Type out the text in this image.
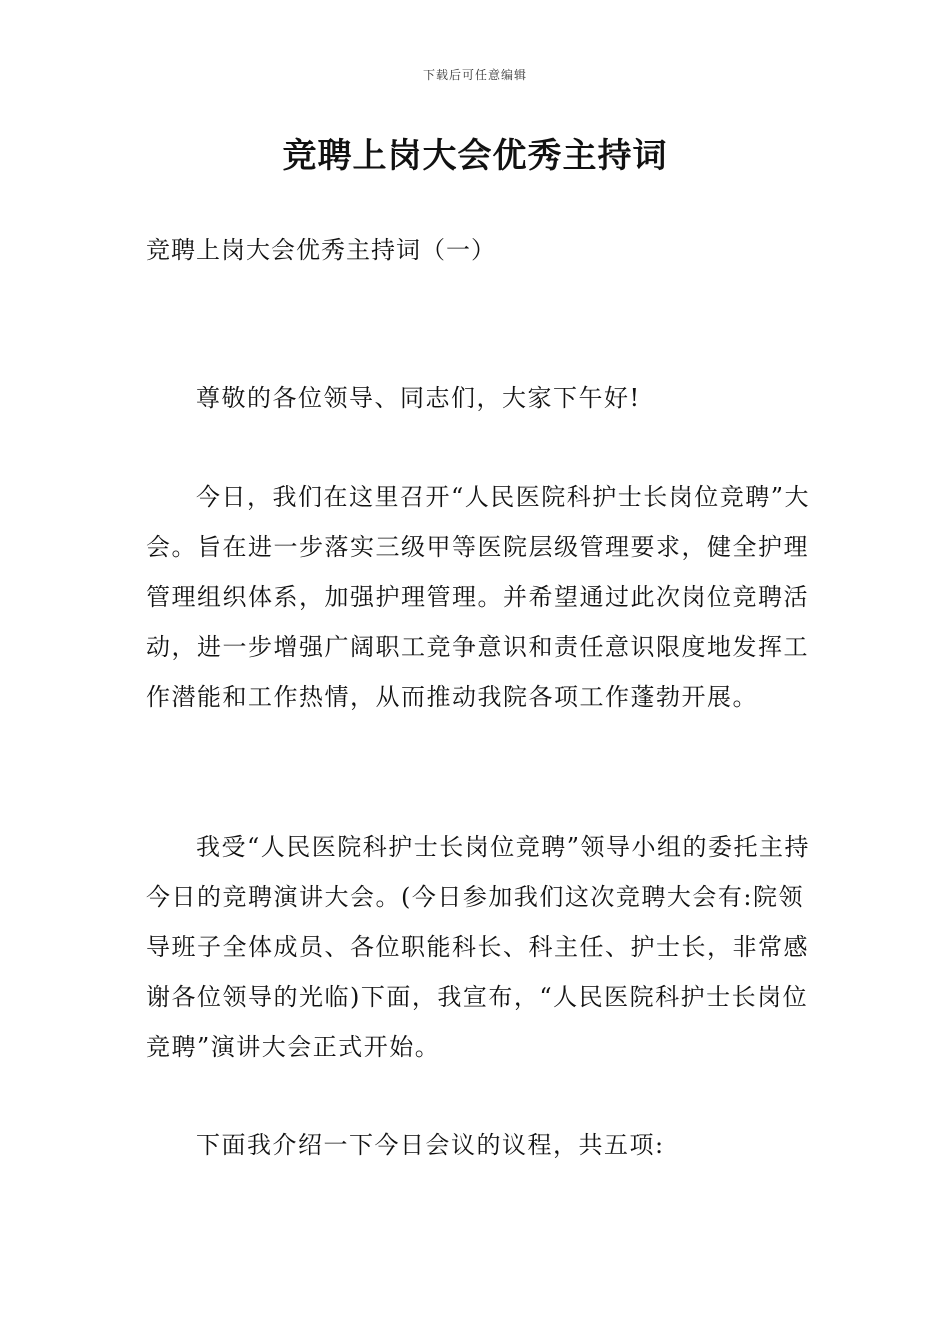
下载后可任意编辑
竞聘上岗大会优秀主持词

竞聘上岗大会优秀主持词（一）

尊敬的各位领导、同志们，大家下午好!

今日，我们在这里召开“人民医院科护士长岗位竞聘”大会。旨在进一步落实三级甲等医院层级管理要求，健全护理管理组织体系，加强护理管理。并希望通过此次岗位竞聘活动，进一步增强广阔职工竞争意识和责任意识限度地发挥工作潜能和工作热情，从而推动我院各项工作蓬勃开展。

我受“人民医院科护士长岗位竞聘”领导小组的委托主持今日的竞聘演讲大会。(今日参加我们这次竞聘大会有:院领导班子全体成员、各位职能科长、科主任、护士长，非常感谢各位领导的光临)下面，我宣布，“人民医院科护士长岗位竞聘”演讲大会正式开始。

下面我介绍一下今日会议的议程，共五项:
